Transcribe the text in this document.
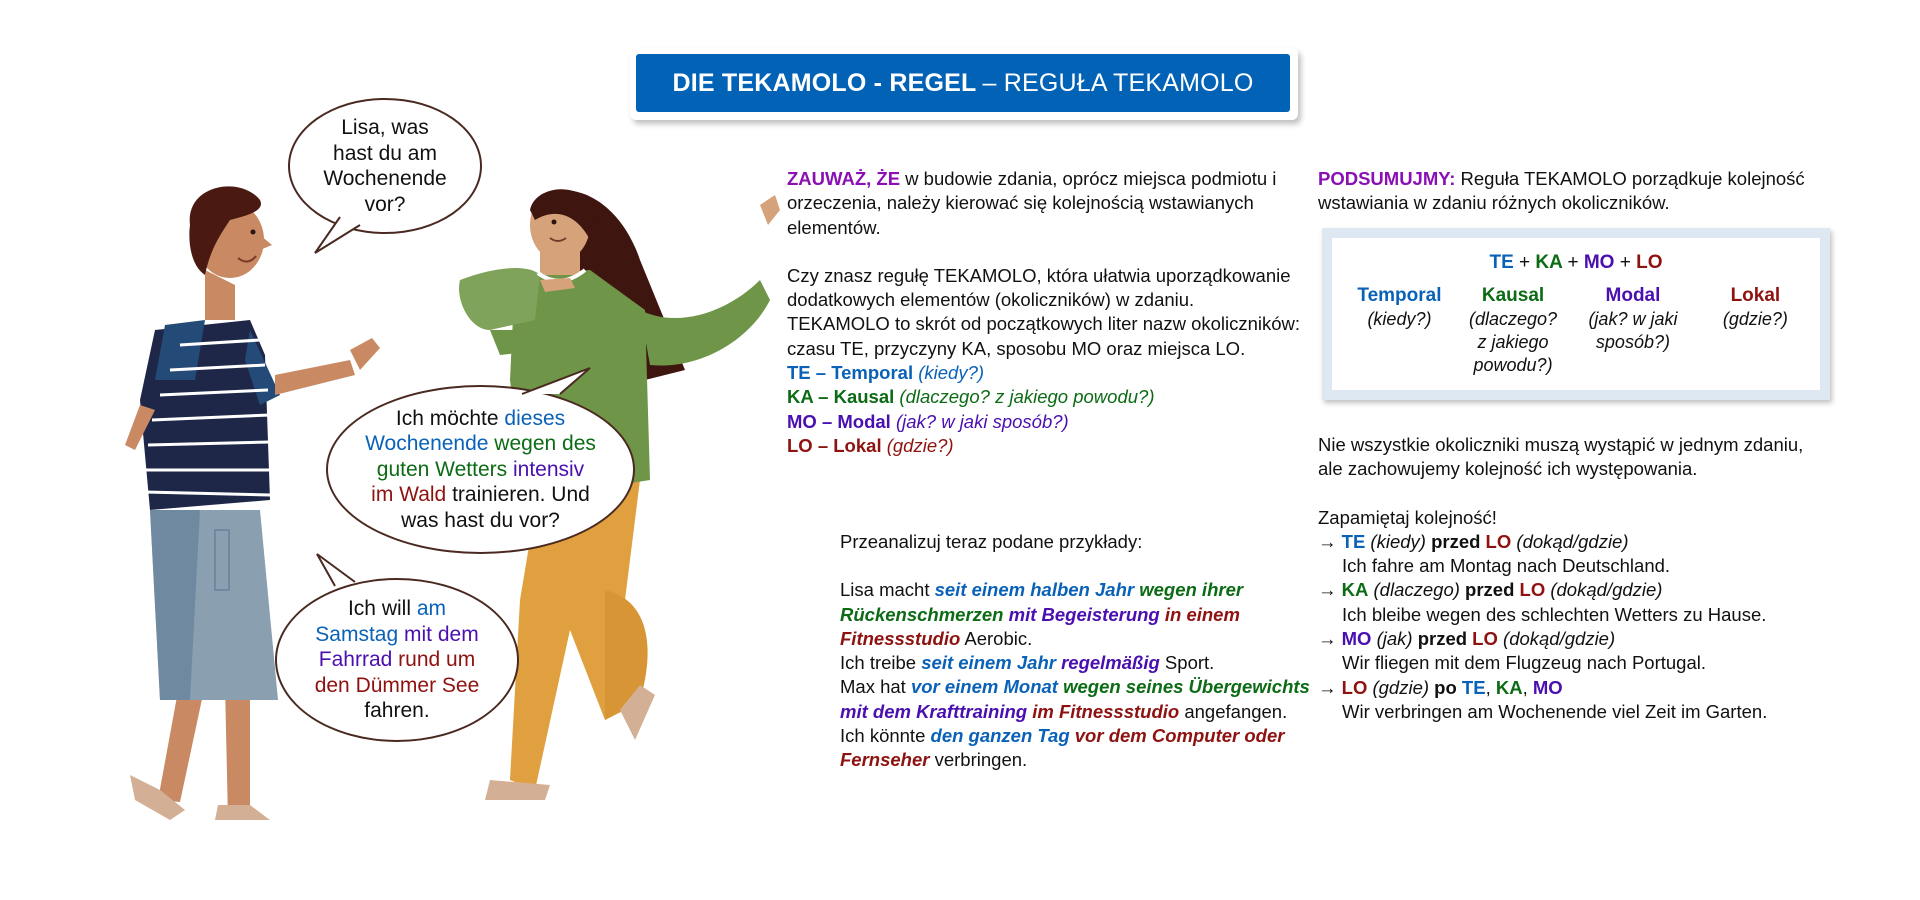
Lisa, was
hast du am
Wochenende
vor?
Ich möchte dieses
Wochenende wegen des
guten Wetters intensiv
im Wald trainieren. Und
was hast du vor?
Ich will am
Samstag mit dem
Fahrrad rund um
den Dümmer See
fahren.
DIE TEKAMOLO - REGEL – REGUŁA TEKAMOLO

ZAUWAŻ, ŻE w budowie zdania, oprócz miejsca podmiotu i orzeczenia, należy kierować się kolejnością wstawianych elementów.

Czy znasz regułę TEKAMOLO, która ułatwia uporządkowanie dodatkowych elementów (okoliczników) w zdaniu.

TEKAMOLO to skrót od początkowych liter nazw okoliczników: czasu TE, przyczyny KA, sposobu MO oraz miejsca LO.

TE – Temporal (kiedy?)

KA – Kausal (dlaczego? z jakiego powodu?)

MO – Modal (jak? w jaki sposób?)

LO – Lokal (gdzie?)

Przeanalizuj teraz podane przykłady:

Lisa macht seit einem halben Jahr wegen ihrer Rückenschmerzen mit Begeisterung in einem Fitnessstudio Aerobic.

Ich treibe seit einem Jahr regelmäßig Sport.

Max hat vor einem Monat wegen seines Übergewichts mit dem Krafttraining im Fitnessstudio angefangen.

Ich könnte den ganzen Tag vor dem Computer oder Fernseher verbringen.

PODSUMUJMY: Reguła TEKAMOLO porządkuje kolejność wstawiania w zdaniu różnych okoliczników.

TE + KA + MO + LO
Temporal
(kiedy?)
Kausal
(dlaczego? z jakiego powodu?)
Modal
(jak? w jaki sposób?)
Lokal
(gdzie?)

Nie wszystkie okoliczniki muszą wystąpić w jednym zdaniu, ale zachowujemy kolejność ich występowania.

Zapamiętaj kolejność!

→ TE (kiedy) przed LO (dokąd/gdzie)

Ich fahre am Montag nach Deutschland.

→ KA (dlaczego) przed LO (dokąd/gdzie)

Ich bleibe wegen des schlechten Wetters zu Hause.

→ MO (jak) przed LO (dokąd/gdzie)

Wir fliegen mit dem Flugzeug nach Portugal.

→ LO (gdzie) po TE, KA, MO

Wir verbringen am Wochenende viel Zeit im Garten.
